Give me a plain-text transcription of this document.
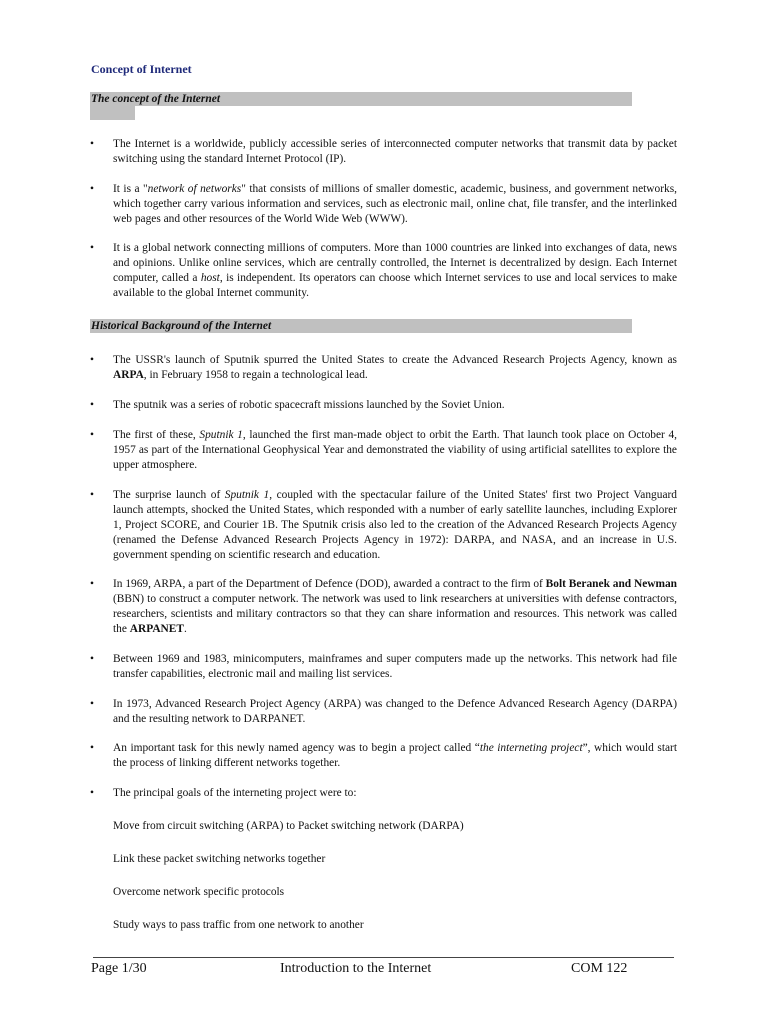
Concept of Internet
The concept of the Internet
•	The Internet is a worldwide, publicly accessible series of interconnected computer networks that transmit data by packet switching using the standard Internet Protocol (IP).
•	It is a "network of networks" that consists of millions of smaller domestic, academic, business, and government networks, which together carry various information and services, such as electronic mail, online chat, file transfer, and the interlinked web pages and other resources of the World Wide Web (WWW).
•	It is a global network connecting millions of computers. More than 1000 countries are linked into exchanges of data, news and opinions. Unlike online services, which are centrally controlled, the Internet is decentralized by design. Each Internet computer, called a host, is independent. Its operators can choose which Internet services to use and local services to make available to the global Internet community.
Historical Background of the Internet
•	The USSR's launch of Sputnik spurred the United States to create the Advanced Research Projects Agency, known as ARPA, in February 1958 to regain a technological lead.
•	The sputnik was a series of robotic spacecraft missions launched by the Soviet Union.
•	The first of these, Sputnik 1, launched the first man-made object to orbit the Earth. That launch took place on October 4, 1957 as part of the International Geophysical Year and demonstrated the viability of using artificial satellites to explore the upper atmosphere.
•	The surprise launch of Sputnik 1, coupled with the spectacular failure of the United States' first two Project Vanguard launch attempts, shocked the United States, which responded with a number of early satellite launches, including Explorer 1, Project SCORE, and Courier 1B. The Sputnik crisis also led to the creation of the Advanced Research Projects Agency (renamed the Defense Advanced Research Projects Agency in 1972): DARPA, and NASA, and an increase in U.S. government spending on scientific research and education.
•	In 1969, ARPA, a part of the Department of Defence (DOD), awarded a contract to the firm of Bolt Beranek and Newman (BBN) to construct a computer network. The network was used to link researchers at universities with defense contractors, researchers, scientists and military contractors so that they can share information and resources. This network was called the ARPANET.
•	Between 1969 and 1983, minicomputers, mainframes and super computers made up the networks. This network had file transfer capabilities, electronic mail and mailing list services.
•	In 1973, Advanced Research Project Agency (ARPA) was changed to the Defence Advanced Research Agency (DARPA) and the resulting network to DARPANET.
•	An important task for this newly named agency was to begin a project called “the interneting project”, which would start the process of linking different networks together.
•	The principal goals of the interneting project were to:
Move from circuit switching (ARPA) to Packet switching network (DARPA)
Link these packet switching networks together
Overcome network specific protocols
Study ways to pass traffic from one network to another
Page 1/30	Introduction to the Internet	COM 122
